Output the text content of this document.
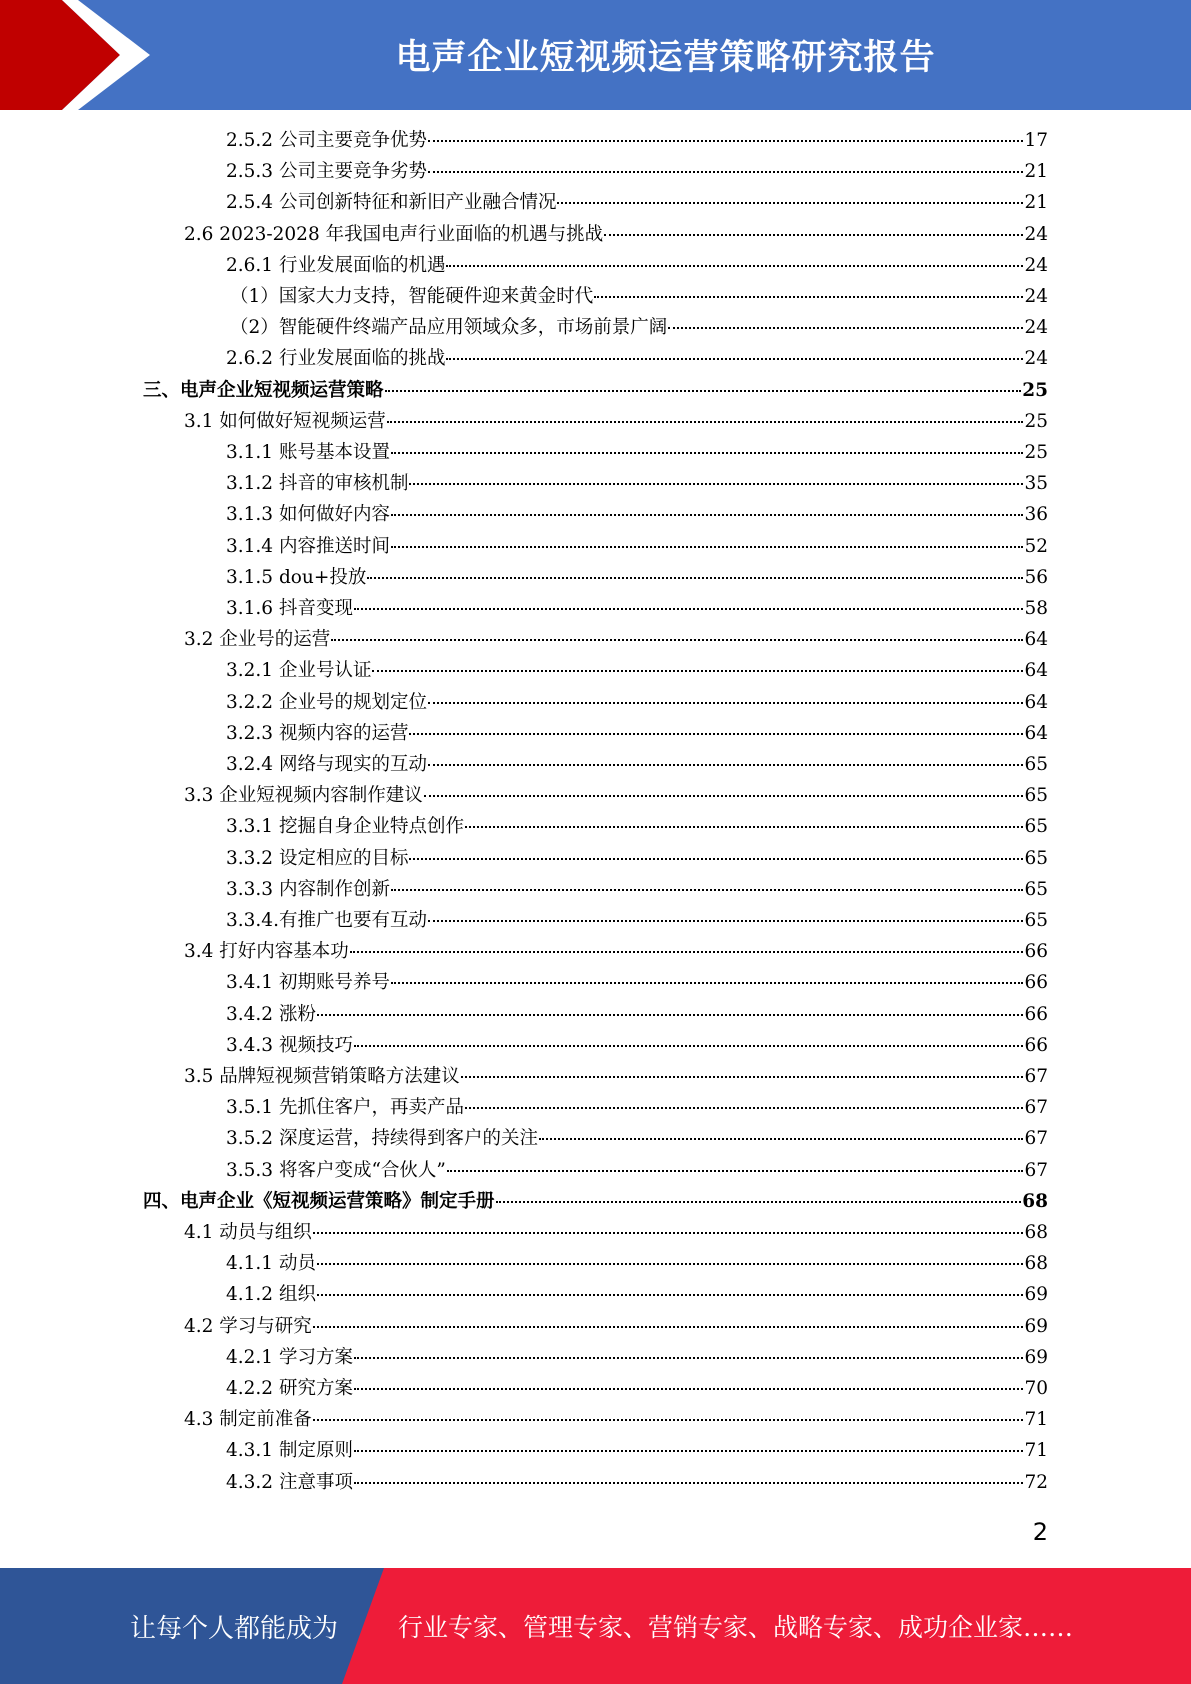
电声企业短视频运营策略研究报告
2.5.2 公司主要竞争优势	17
2.5.3 公司主要竞争劣势	21
2.5.4 公司创新特征和新旧产业融合情况	21
2.6 2023-2028 年我国电声行业面临的机遇与挑战	24
2.6.1 行业发展面临的机遇	24
（1）国家大力支持，智能硬件迎来黄金时代	24
（2）智能硬件终端产品应用领域众多，市场前景广阔	24
2.6.2 行业发展面临的挑战	24
三、电声企业短视频运营策略	25
3.1 如何做好短视频运营	25
3.1.1 账号基本设置	25
3.1.2 抖音的审核机制	35
3.1.3 如何做好内容	36
3.1.4 内容推送时间	52
3.1.5 dou+投放	56
3.1.6 抖音变现	58
3.2 企业号的运营	64
3.2.1 企业号认证	64
3.2.2 企业号的规划定位	64
3.2.3 视频内容的运营	64
3.2.4 网络与现实的互动	65
3.3 企业短视频内容制作建议	65
3.3.1 挖掘自身企业特点创作	65
3.3.2 设定相应的目标	65
3.3.3 内容制作创新	65
3.3.4.有推广也要有互动	65
3.4 打好内容基本功	66
3.4.1 初期账号养号	66
3.4.2 涨粉	66
3.4.3 视频技巧	66
3.5 品牌短视频营销策略方法建议	67
3.5.1 先抓住客户，再卖产品	67
3.5.2 深度运营，持续得到客户的关注	67
3.5.3 将客户变成“合伙人”	67
四、电声企业《短视频运营策略》制定手册	68
4.1 动员与组织	68
4.1.1 动员	68
4.1.2 组织	69
4.2 学习与研究	69
4.2.1 学习方案	69
4.2.2 研究方案	70
4.3 制定前准备	71
4.3.1 制定原则	71
4.3.2 注意事项	72
2
让每个人都能成为 行业专家、管理专家、营销专家、战略专家、成功企业家……
